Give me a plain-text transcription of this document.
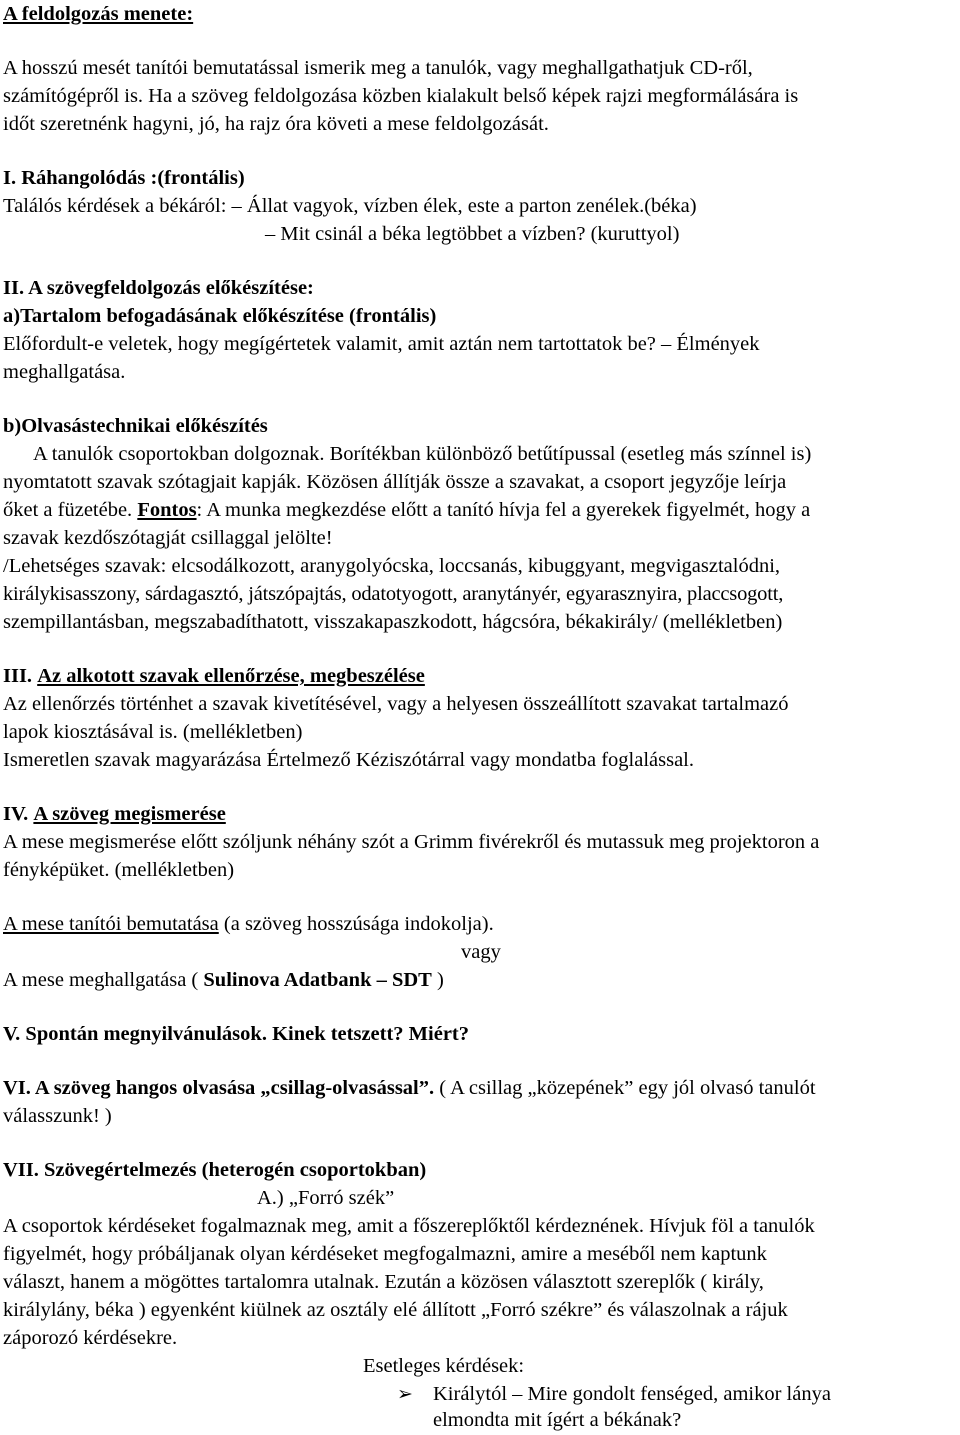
A feldolgozás menete:
A hosszú mesét tanítói bemutatással ismerik meg a tanulók, vagy meghallgathatjuk CD-ről,
számítógépről is. Ha a szöveg feldolgozása közben kialakult belső képek rajzi megformálására is
időt szeretnénk hagyni, jó, ha rajz óra követi a mese feldolgozását.
I. Ráhangolódás :(frontális)
Találós kérdések a békáról: – Állat vagyok, vízben élek, este a parton zenélek.(béka)
– Mit csinál a béka legtöbbet a vízben? (kuruttyol)
II. A szövegfeldolgozás előkészítése:
a)Tartalom befogadásának előkészítése (frontális)
Előfordult-e veletek, hogy megígértetek valamit, amit aztán nem tartottatok be? – Élmények
meghallgatása.
b)Olvasástechnikai előkészítés
A tanulók csoportokban dolgoznak. Borítékban különböző betűtípussal (esetleg más színnel is)
nyomtatott szavak szótagjait kapják. Közösen állítják össze a szavakat, a csoport jegyzője leírja
őket a füzetébe. Fontos: A munka megkezdése előtt a tanító hívja fel a gyerekek figyelmét, hogy a
szavak kezdőszótagját csillaggal jelölte!
/Lehetséges szavak: elcsodálkozott, aranygolyócska, loccsanás, kibuggyant, megvigasztalódni,
királykisasszony, sárdagasztó, játszópajtás, odatotyogott, aranytányér, egyarasznyira, placcsogott,
szempillantásban, megszabadíthatott, visszakapaszkodott, hágcsóra, békakirály/ (mellékletben)
III. Az alkotott szavak ellenőrzése, megbeszélése
Az ellenőrzés történhet a szavak kivetítésével, vagy a helyesen összeállított szavakat tartalmazó
lapok kiosztásával is. (mellékletben)
Ismeretlen szavak magyarázása Értelmező Kéziszótárral vagy mondatba foglalással.
IV. A szöveg megismerése
A mese megismerése előtt szóljunk néhány szót a Grimm fivérekről és mutassuk meg projektoron a
fényképüket. (mellékletben)
A mese tanítói bemutatása (a szöveg hosszúsága indokolja).
vagy
A mese meghallgatása ( Sulinova Adatbank – SDT )
V. Spontán megnyilvánulások. Kinek tetszett? Miért?
VI. A szöveg hangos olvasása „csillag-olvasással”. ( A csillag „közepének” egy jól olvasó tanulót
válasszunk! )
VII. Szövegértelmezés (heterogén csoportokban)
A.) „Forró szék”
A csoportok kérdéseket fogalmaznak meg, amit a főszereplőktől kérdeznének. Hívjuk föl a tanulók
figyelmét, hogy próbáljanak olyan kérdéseket megfogalmazni, amire a meséből nem kaptunk
választ, hanem a mögöttes tartalomra utalnak. Ezután a közösen választott szereplők ( király,
királylány, béka ) egyenként kiülnek az osztály elé állított „Forró székre” és válaszolnak a rájuk
záporozó kérdésekre.
Esetleges kérdések:
➢ Királytól – Mire gondolt fenséged, amikor lánya
elmondta mit ígért a békának?
